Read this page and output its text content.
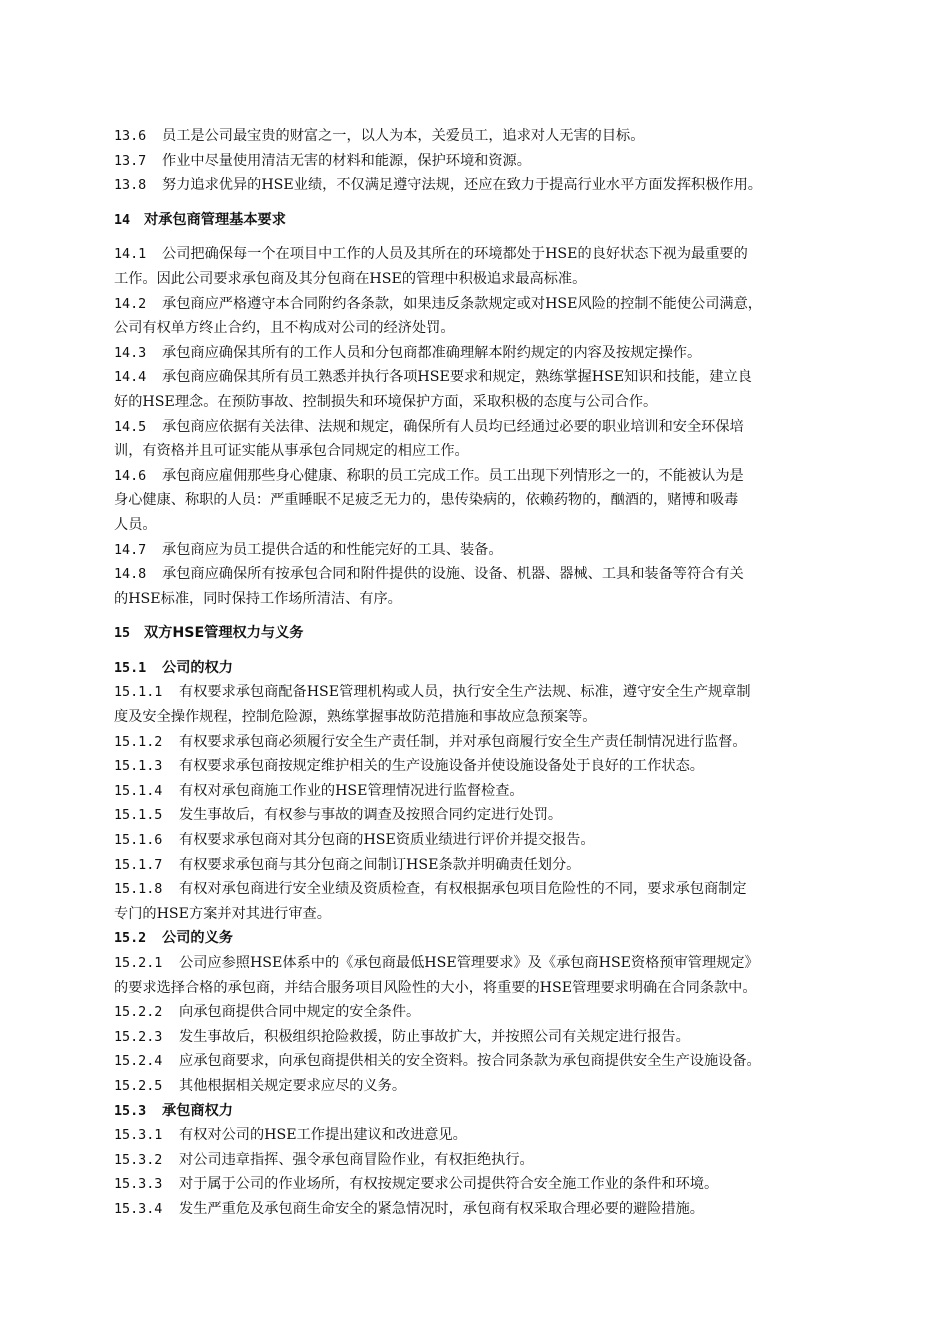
13.6 员工是公司最宝贵的财富之一，以人为本，关爱员工，追求对人无害的目标。
13.7 作业中尽量使用清洁无害的材料和能源，保护环境和资源。
13.8 努力追求优异的HSE业绩，不仅满足遵守法规，还应在致力于提高行业水平方面发挥积极作用。
14 对承包商管理基本要求
14.1 公司把确保每一个在项目中工作的人员及其所在的环境都处于HSE的良好状态下视为最重要的
工作。因此公司要求承包商及其分包商在HSE的管理中积极追求最高标准。
14.2 承包商应严格遵守本合同附约各条款，如果违反条款规定或对HSE风险的控制不能使公司满意，
公司有权单方终止合约，且不构成对公司的经济处罚。
14.3 承包商应确保其所有的工作人员和分包商都准确理解本附约规定的内容及按规定操作。
14.4 承包商应确保其所有员工熟悉并执行各项HSE要求和规定，熟练掌握HSE知识和技能，建立良
好的HSE理念。在预防事故、控制损失和环境保护方面，采取积极的态度与公司合作。
14.5 承包商应依据有关法律、法规和规定，确保所有人员均已经通过必要的职业培训和安全环保培
训，有资格并且可证实能从事承包合同规定的相应工作。
14.6 承包商应雇佣那些身心健康、称职的员工完成工作。员工出现下列情形之一的，不能被认为是
身心健康、称职的人员：严重睡眠不足疲乏无力的，患传染病的，依赖药物的，酗酒的，赌博和吸毒
人员。
14.7 承包商应为员工提供合适的和性能完好的工具、装备。
14.8 承包商应确保所有按承包合同和附件提供的设施、设备、机器、器械、工具和装备等符合有关
的HSE标准，同时保持工作场所清洁、有序。
15 双方HSE管理权力与义务
15.1 公司的权力
15.1.1 有权要求承包商配备HSE管理机构或人员，执行安全生产法规、标准，遵守安全生产规章制
度及安全操作规程，控制危险源，熟练掌握事故防范措施和事故应急预案等。
15.1.2 有权要求承包商必须履行安全生产责任制，并对承包商履行安全生产责任制情况进行监督。
15.1.3 有权要求承包商按规定维护相关的生产设施设备并使设施设备处于良好的工作状态。
15.1.4 有权对承包商施工作业的HSE管理情况进行监督检查。
15.1.5 发生事故后，有权参与事故的调查及按照合同约定进行处罚。
15.1.6 有权要求承包商对其分包商的HSE资质业绩进行评价并提交报告。
15.1.7 有权要求承包商与其分包商之间制订HSE条款并明确责任划分。
15.1.8 有权对承包商进行安全业绩及资质检查，有权根据承包项目危险性的不同，要求承包商制定
专门的HSE方案并对其进行审查。
15.2 公司的义务
15.2.1 公司应参照HSE体系中的《承包商最低HSE管理要求》及《承包商HSE资格预审管理规定》
的要求选择合格的承包商，并结合服务项目风险性的大小，将重要的HSE管理要求明确在合同条款中。
15.2.2 向承包商提供合同中规定的安全条件。
15.2.3 发生事故后，积极组织抢险救援，防止事故扩大，并按照公司有关规定进行报告。
15.2.4 应承包商要求，向承包商提供相关的安全资料。按合同条款为承包商提供安全生产设施设备。
15.2.5 其他根据相关规定要求应尽的义务。
15.3 承包商权力
15.3.1 有权对公司的HSE工作提出建议和改进意见。
15.3.2 对公司违章指挥、强令承包商冒险作业，有权拒绝执行。
15.3.3 对于属于公司的作业场所，有权按规定要求公司提供符合安全施工作业的条件和环境。
15.3.4 发生严重危及承包商生命安全的紧急情况时，承包商有权采取合理必要的避险措施。
